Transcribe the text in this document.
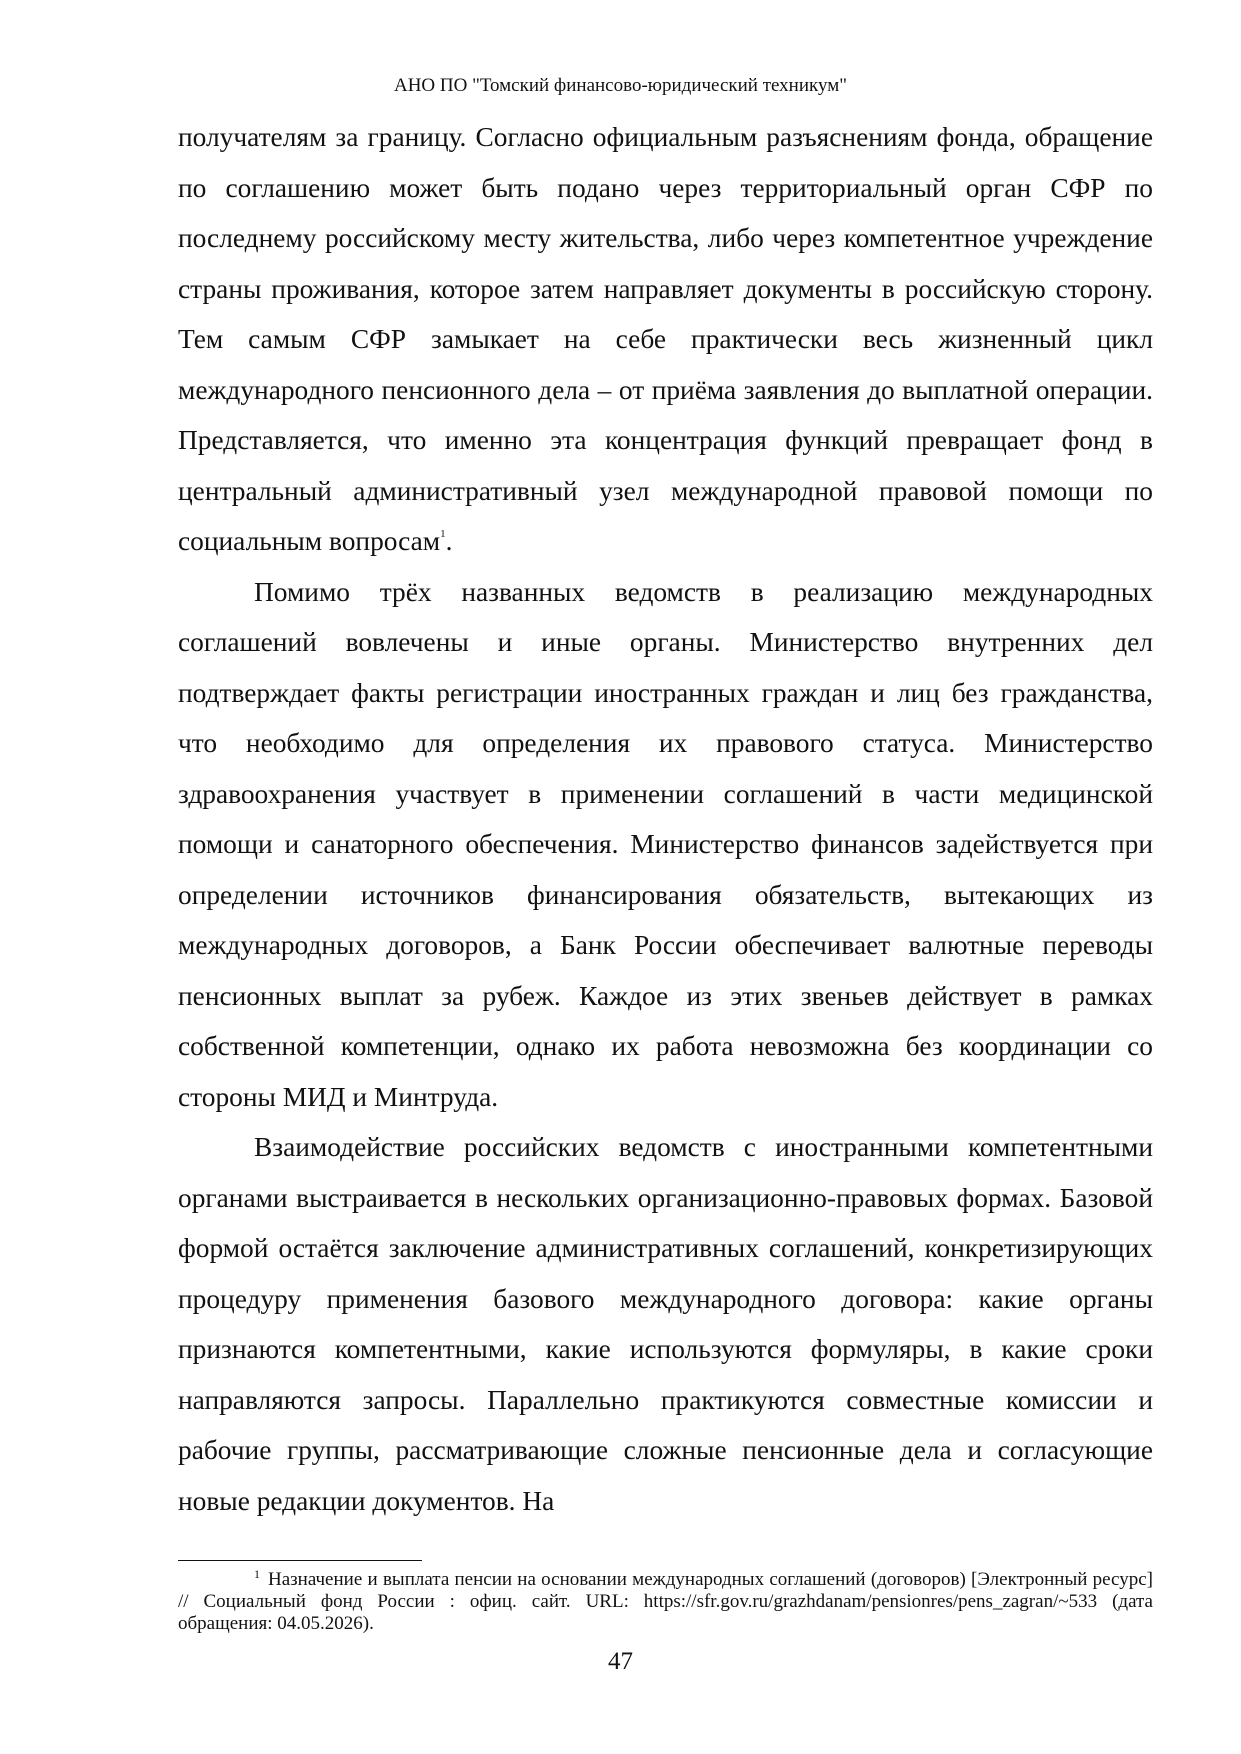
АНО ПО "Томский финансово-юридический техникум"

получателям за границу. Согласно официальным разъяснениям фонда, обращение по соглашению может быть подано через территориальный орган СФР по последнему российскому месту жительства, либо через компетентное учреждение страны проживания, которое затем направляет документы в российскую сторону. Тем самым СФР замыкает на себе практически весь жизненный цикл международного пенсионного дела – от приёма заявления до выплатной операции. Представляется, что именно эта концентрация функций превращает фонд в центральный административный узел международной правовой помощи по социальным вопросам$^1$.

Помимо трёх названных ведомств в реализацию международных соглашений вовлечены и иные органы. Министерство внутренних дел подтверждает факты регистрации иностранных граждан и лиц без гражданства, что необходимо для определения их правового статуса. Министерство здравоохранения участвует в применении соглашений в части медицинской помощи и санаторного обеспечения. Министерство финансов задействуется при определении источников финансирования обязательств, вытекающих из международных договоров, а Банк России обеспечивает валютные переводы пенсионных выплат за рубеж. Каждое из этих звеньев действует в рамках собственной компетенции, однако их работа невозможна без координации со стороны МИД и Минтруда.

Взаимодействие российских ведомств с иностранными компетентными органами выстраивается в нескольких организационно-правовых формах. Базовой формой остаётся заключение административных соглашений, конкретизирующих процедуру применения базового международного договора: какие органы признаются компетентными, какие используются формуляры, в какие сроки направляются запросы. Параллельно практикуются совместные комиссии и рабочие группы, рассматривающие сложные пенсионные дела и согласующие новые редакции документов. На

$^1$ Назначение и выплата пенсии на основании международных соглашений (договоров) [Электронный ресурс] // Социальный фонд России : офиц. сайт. URL: https://sfr.gov.ru/grazhdanam/pensionres/pens_zagran/~533 (дата обращения: 04.05.2026).
47
